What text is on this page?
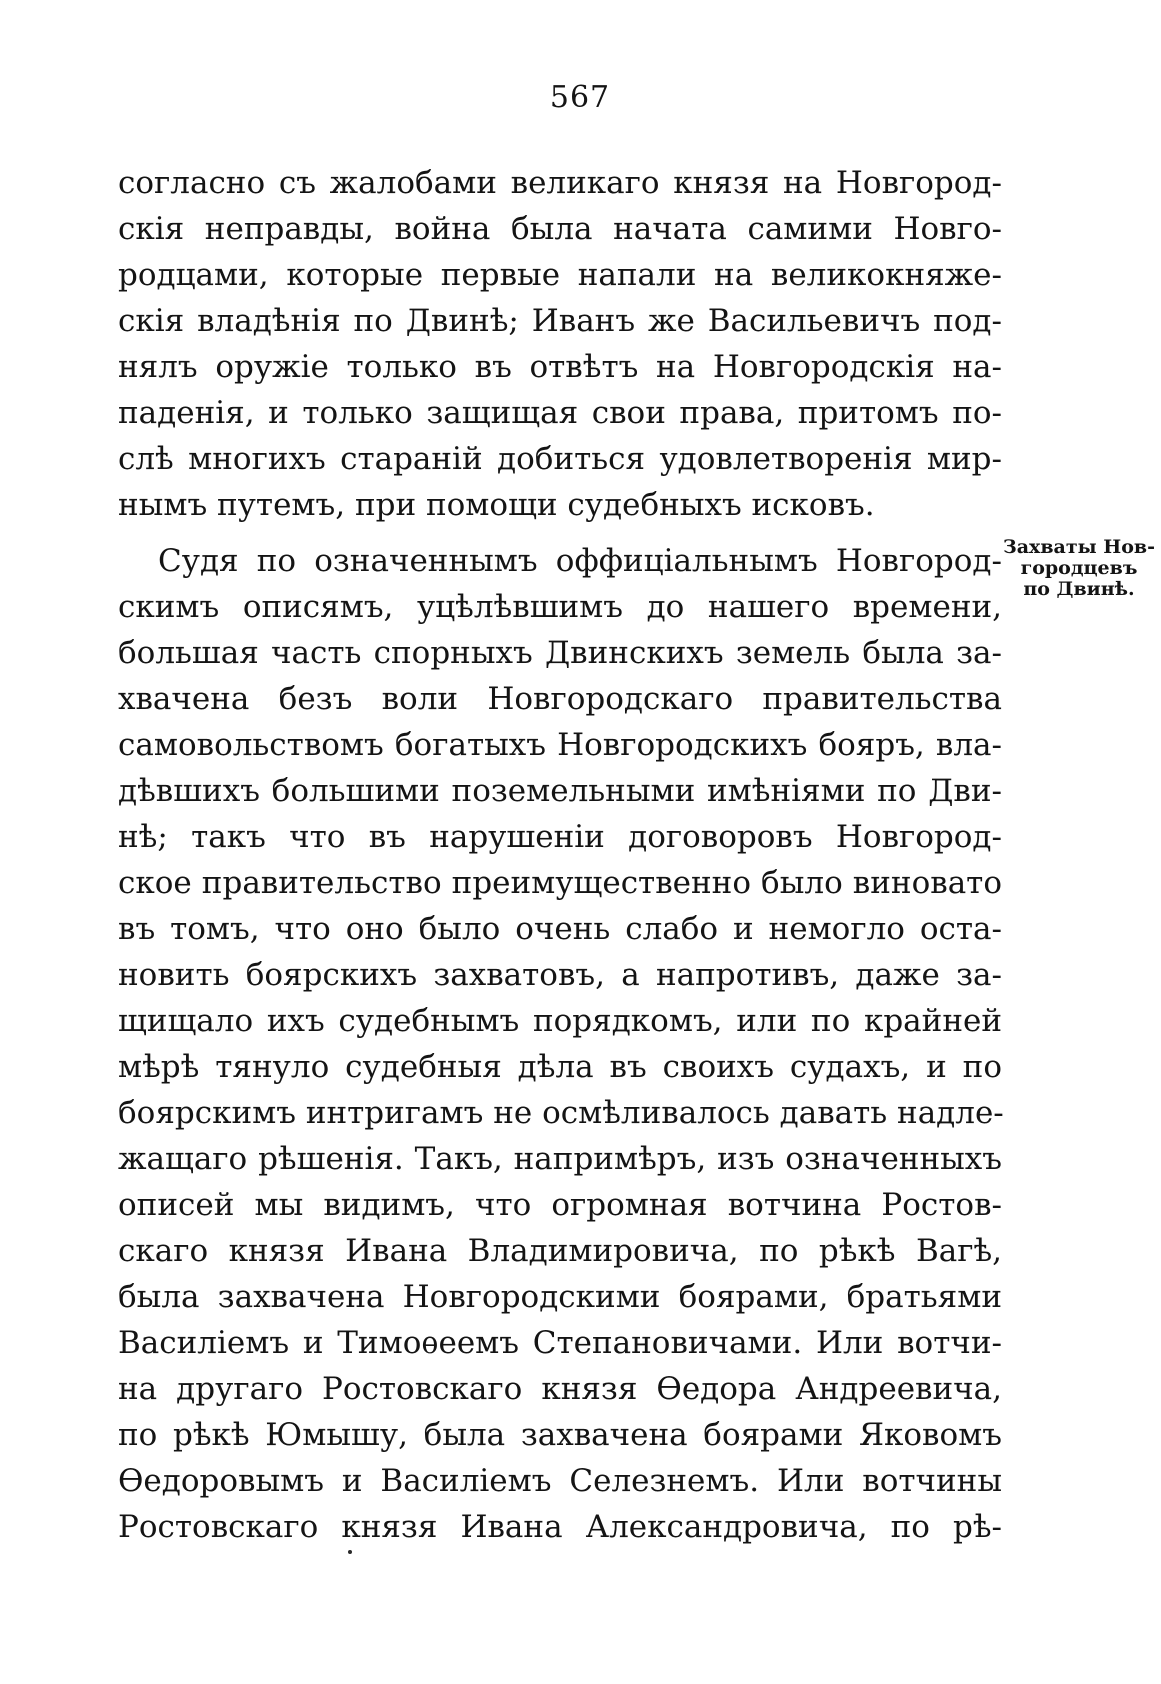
567
согласно съ жалобами великаго князя на Новгород-
скія неправды, война была начата самими Новго-
родцами, которые первые напали на великокняже-
скія владѣнія по Двинѣ; Иванъ же Васильевичъ под-
нялъ оружіе только въ отвѣтъ на Новгородскія на-
паденія, и только защищая свои права, притомъ по-
слѣ многихъ стараній добиться удовлетворенія мир-
нымъ путемъ, при помощи судебныхъ исковъ.
Судя по означеннымъ оффиціальнымъ Новгород-
скимъ описямъ, уцѣлѣвшимъ до нашего времени,
большая часть спорныхъ Двинскихъ земель была за-
хвачена безъ воли Новгородскаго правительства
самовольствомъ богатыхъ Новгородскихъ бояръ, вла-
дѣвшихъ большими поземельными имѣніями по Дви-
нѣ; такъ что въ нарушеніи договоровъ Новгород-
ское правительство преимущественно было виновато
въ томъ, что оно было очень слабо и немогло оста-
новить боярскихъ захватовъ, а напротивъ, даже за-
щищало ихъ судебнымъ порядкомъ, или по крайней
мѣрѣ тянуло судебныя дѣла въ своихъ судахъ, и по
боярскимъ интригамъ не осмѣливалось давать надле-
жащаго рѣшенія. Такъ, напримѣръ, изъ означенныхъ
описей мы видимъ, что огромная вотчина Ростов-
скаго князя Ивана Владимировича, по рѣкѣ Вагѣ,
была захвачена Новгородскими боярами, братьями
Василіемъ и Тимоѳеемъ Степановичами. Или вотчи-
на другаго Ростовскаго князя Ѳедора Андреевича,
по рѣкѣ Юмышу, была захвачена боярами Яковомъ
Ѳедоровымъ и Василіемъ Селезнемъ. Или вотчины
Ростовскаго князя Ивана Александровича, по рѣ-
Захваты Нов-
городцевъ
по Двинѣ.
